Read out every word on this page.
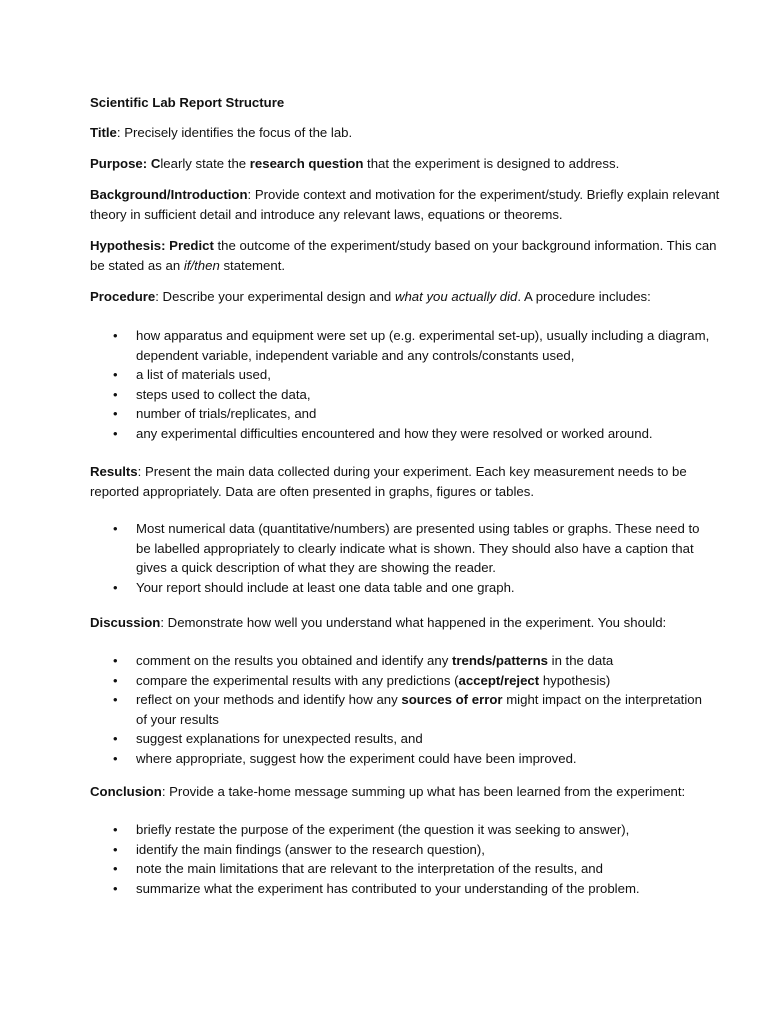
Scientific Lab Report Structure

Title: Precisely identifies the focus of the lab.

Purpose: Clearly state the research question that the experiment is designed to address.

Background/Introduction: Provide context and motivation for the experiment/study. Briefly explain relevant theory in sufficient detail and introduce any relevant laws, equations or theorems.

Hypothesis: Predict the outcome of the experiment/study based on your background information. This can be stated as an if/then statement.

Procedure: Describe your experimental design and what you actually did. A procedure includes:

• how apparatus and equipment were set up (e.g. experimental set-up), usually including a diagram, dependent variable, independent variable and any controls/constants used,
• a list of materials used,
• steps used to collect the data,
• number of trials/replicates, and
• any experimental difficulties encountered and how they were resolved or worked around.

Results: Present the main data collected during your experiment. Each key measurement needs to be reported appropriately. Data are often presented in graphs, figures or tables.

• Most numerical data (quantitative/numbers) are presented using tables or graphs. These need to be labelled appropriately to clearly indicate what is shown. They should also have a caption that gives a quick description of what they are showing the reader.
• Your report should include at least one data table and one graph.

Discussion: Demonstrate how well you understand what happened in the experiment. You should:

• comment on the results you obtained and identify any trends/patterns in the data
• compare the experimental results with any predictions (accept/reject hypothesis)
• reflect on your methods and identify how any sources of error might impact on the interpretation of your results
• suggest explanations for unexpected results, and
• where appropriate, suggest how the experiment could have been improved.

Conclusion: Provide a take-home message summing up what has been learned from the experiment:

• briefly restate the purpose of the experiment (the question it was seeking to answer),
• identify the main findings (answer to the research question),
• note the main limitations that are relevant to the interpretation of the results, and
• summarize what the experiment has contributed to your understanding of the problem.
